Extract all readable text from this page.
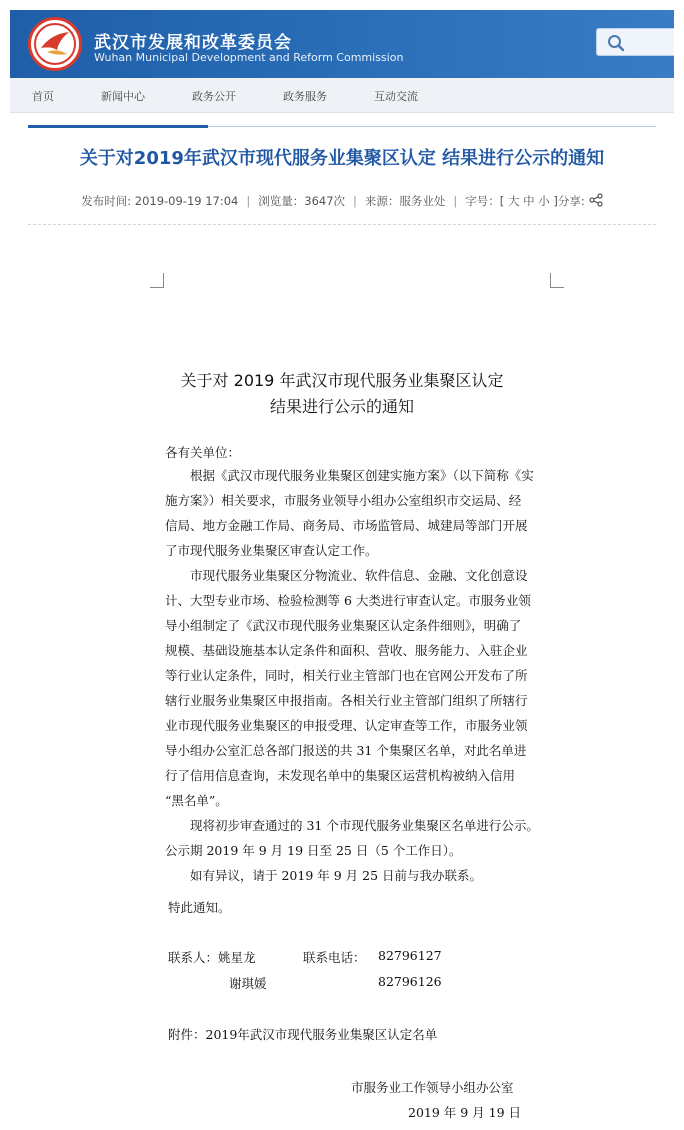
武汉市发展和改革委员会
Wuhan Municipal Development and Reform Commission
首页	新闻中心	政务公开	政务服务	互动交流
关于对2019年武汉市现代服务业集聚区认定 结果进行公示的通知
发布时间: 2019-09-19 17:04 | 浏览量：3647次 | 来源：服务业处 | 字号：[ 大 中 小 ]分享:
关于对 2019 年武汉市现代服务业集聚区认定
结果进行公示的通知
各有关单位：
根据《武汉市现代服务业集聚区创建实施方案》（以下简称《实
施方案》）相关要求，市服务业领导小组办公室组织市交运局、经
信局、地方金融工作局、商务局、市场监管局、城建局等部门开展
了市现代服务业集聚区审查认定工作。
市现代服务业集聚区分物流业、软件信息、金融、文化创意设
计、大型专业市场、检验检测等 6 大类进行审查认定。市服务业领
导小组制定了《武汉市现代服务业集聚区认定条件细则》，明确了
规模、基础设施基本认定条件和面积、营收、服务能力、入驻企业
等行业认定条件，同时，相关行业主管部门也在官网公开发布了所
辖行业服务业集聚区申报指南。各相关行业主管部门组织了所辖行
业市现代服务业集聚区的申报受理、认定审查等工作，市服务业领
导小组办公室汇总各部门报送的共 31 个集聚区名单，对此名单进
行了信用信息查询，未发现名单中的集聚区运营机构被纳入信用
“黑名单”。
现将初步审查通过的 31 个市现代服务业集聚区名单进行公示。
公示期 2019 年 9 月 19 日至 25 日（5 个工作日）。
如有异议，请于 2019 年 9 月 25 日前与我办联系。
特此通知。
联系人：姚星龙	联系电话： 82796127
谢琪媛	82796126
附件：2019年武汉市现代服务业集聚区认定名单
市服务业工作领导小组办公室
2019 年 9 月 19 日
